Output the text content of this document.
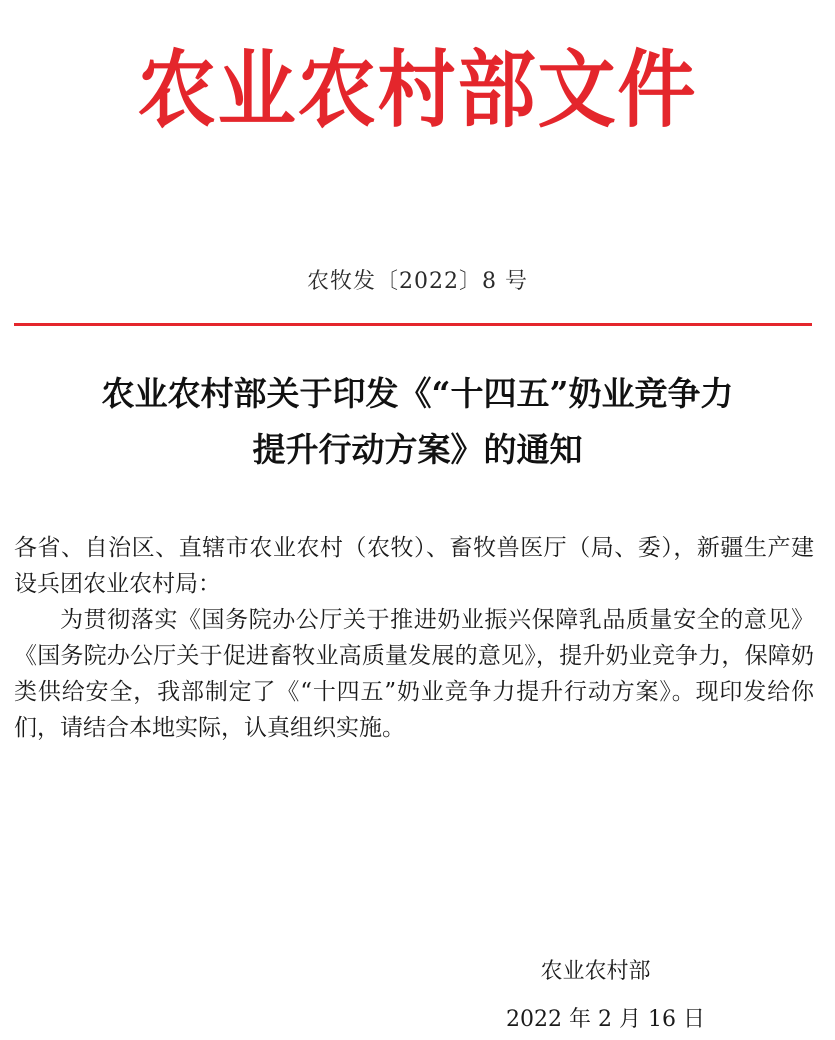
农业农村部文件
农牧发〔2022〕8 号
农业农村部关于印发《“十四五”奶业竞争力
提升行动方案》的通知

各省、自治区、直辖市农业农村（农牧）、畜牧兽医厅（局、委），新疆生产建设兵团农业农村局：

为贯彻落实《国务院办公厅关于推进奶业振兴保障乳品质量安全的意见》《国务院办公厅关于促进畜牧业高质量发展的意见》，提升奶业竞争力，保障奶类供给安全，我部制定了《“十四五”奶业竞争力提升行动方案》。现印发给你们，请结合本地实际，认真组织实施。

农业农村部
2022 年 2 月 16 日
